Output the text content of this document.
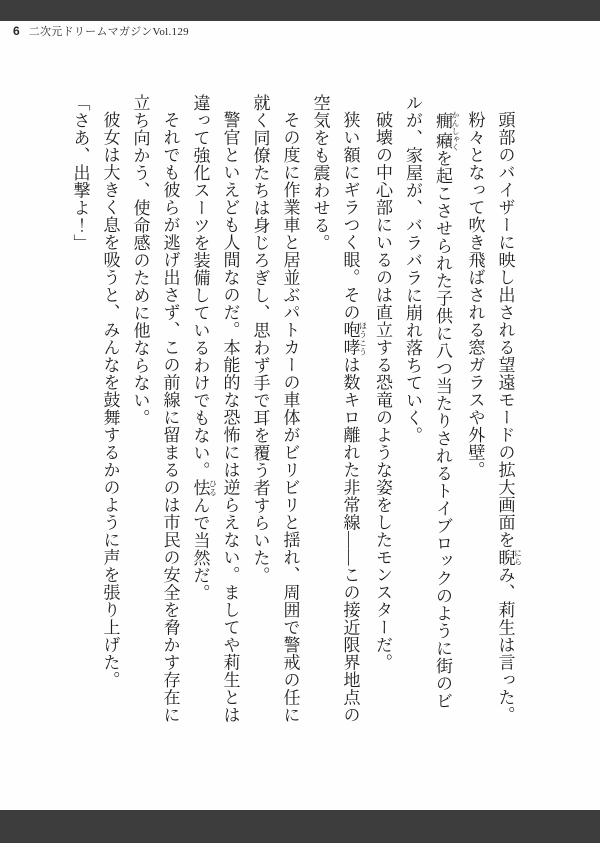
6 二次元ドリームマガジンVol.129

頭部のバイザーに映し出される望遠モードの拡大画面を睨 にらみ、莉生は言った。

粉々となって吹き飛ばされる窓ガラスや外壁。

癇癪 かんしゃくを起こさせられた子供に八つ当たりされるトイブロックのように街のビルが、家屋が、バラバラに崩れ落ちていく。

破壊の中心部にいるのは直立する恐竜のような姿をしたモンスターだ。

狭い額にギラつく眼。その咆哮 ほうこうは数キロ離れた非常線――この接近限界地点の空気をも震わせる。

その度に作業車と居並ぶパトカーの車体がビリビリと揺れ、周囲で警戒の任に就く同僚たちは身じろぎし、思わず手で耳を覆う者すらいた。

警官といえども人間なのだ。本能的な恐怖には逆らえない。ましてや莉生とは違って強化スーツを装備しているわけでもない。怯 ひるんで当然だ。

それでも彼らが逃げ出さず、この前線に留まるのは市民の安全を脅かす存在に立ち向かう、使命感のために他ならない。

彼女は大きく息を吸うと、みんなを鼓舞するかのように声を張り上げた。

「さあ、出撃よ！」
